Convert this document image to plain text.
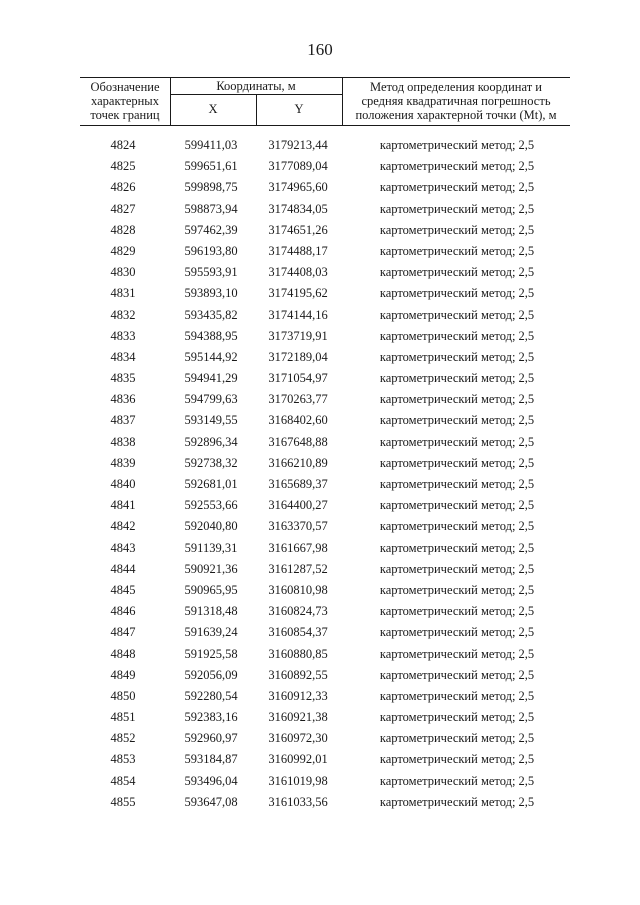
160
Обозначение
характерных
точек границ
Координаты, м
X	Y
Метод определения координат и
средняя квадратичная погрешность
положения характерной точки (Mt), м
4824	599411,03	3179213,44	картометрический метод; 2,5
4825	599651,61	3177089,04	картометрический метод; 2,5
4826	599898,75	3174965,60	картометрический метод; 2,5
4827	598873,94	3174834,05	картометрический метод; 2,5
4828	597462,39	3174651,26	картометрический метод; 2,5
4829	596193,80	3174488,17	картометрический метод; 2,5
4830	595593,91	3174408,03	картометрический метод; 2,5
4831	593893,10	3174195,62	картометрический метод; 2,5
4832	593435,82	3174144,16	картометрический метод; 2,5
4833	594388,95	3173719,91	картометрический метод; 2,5
4834	595144,92	3172189,04	картометрический метод; 2,5
4835	594941,29	3171054,97	картометрический метод; 2,5
4836	594799,63	3170263,77	картометрический метод; 2,5
4837	593149,55	3168402,60	картометрический метод; 2,5
4838	592896,34	3167648,88	картометрический метод; 2,5
4839	592738,32	3166210,89	картометрический метод; 2,5
4840	592681,01	3165689,37	картометрический метод; 2,5
4841	592553,66	3164400,27	картометрический метод; 2,5
4842	592040,80	3163370,57	картометрический метод; 2,5
4843	591139,31	3161667,98	картометрический метод; 2,5
4844	590921,36	3161287,52	картометрический метод; 2,5
4845	590965,95	3160810,98	картометрический метод; 2,5
4846	591318,48	3160824,73	картометрический метод; 2,5
4847	591639,24	3160854,37	картометрический метод; 2,5
4848	591925,58	3160880,85	картометрический метод; 2,5
4849	592056,09	3160892,55	картометрический метод; 2,5
4850	592280,54	3160912,33	картометрический метод; 2,5
4851	592383,16	3160921,38	картометрический метод; 2,5
4852	592960,97	3160972,30	картометрический метод; 2,5
4853	593184,87	3160992,01	картометрический метод; 2,5
4854	593496,04	3161019,98	картометрический метод; 2,5
4855	593647,08	3161033,56	картометрический метод; 2,5
